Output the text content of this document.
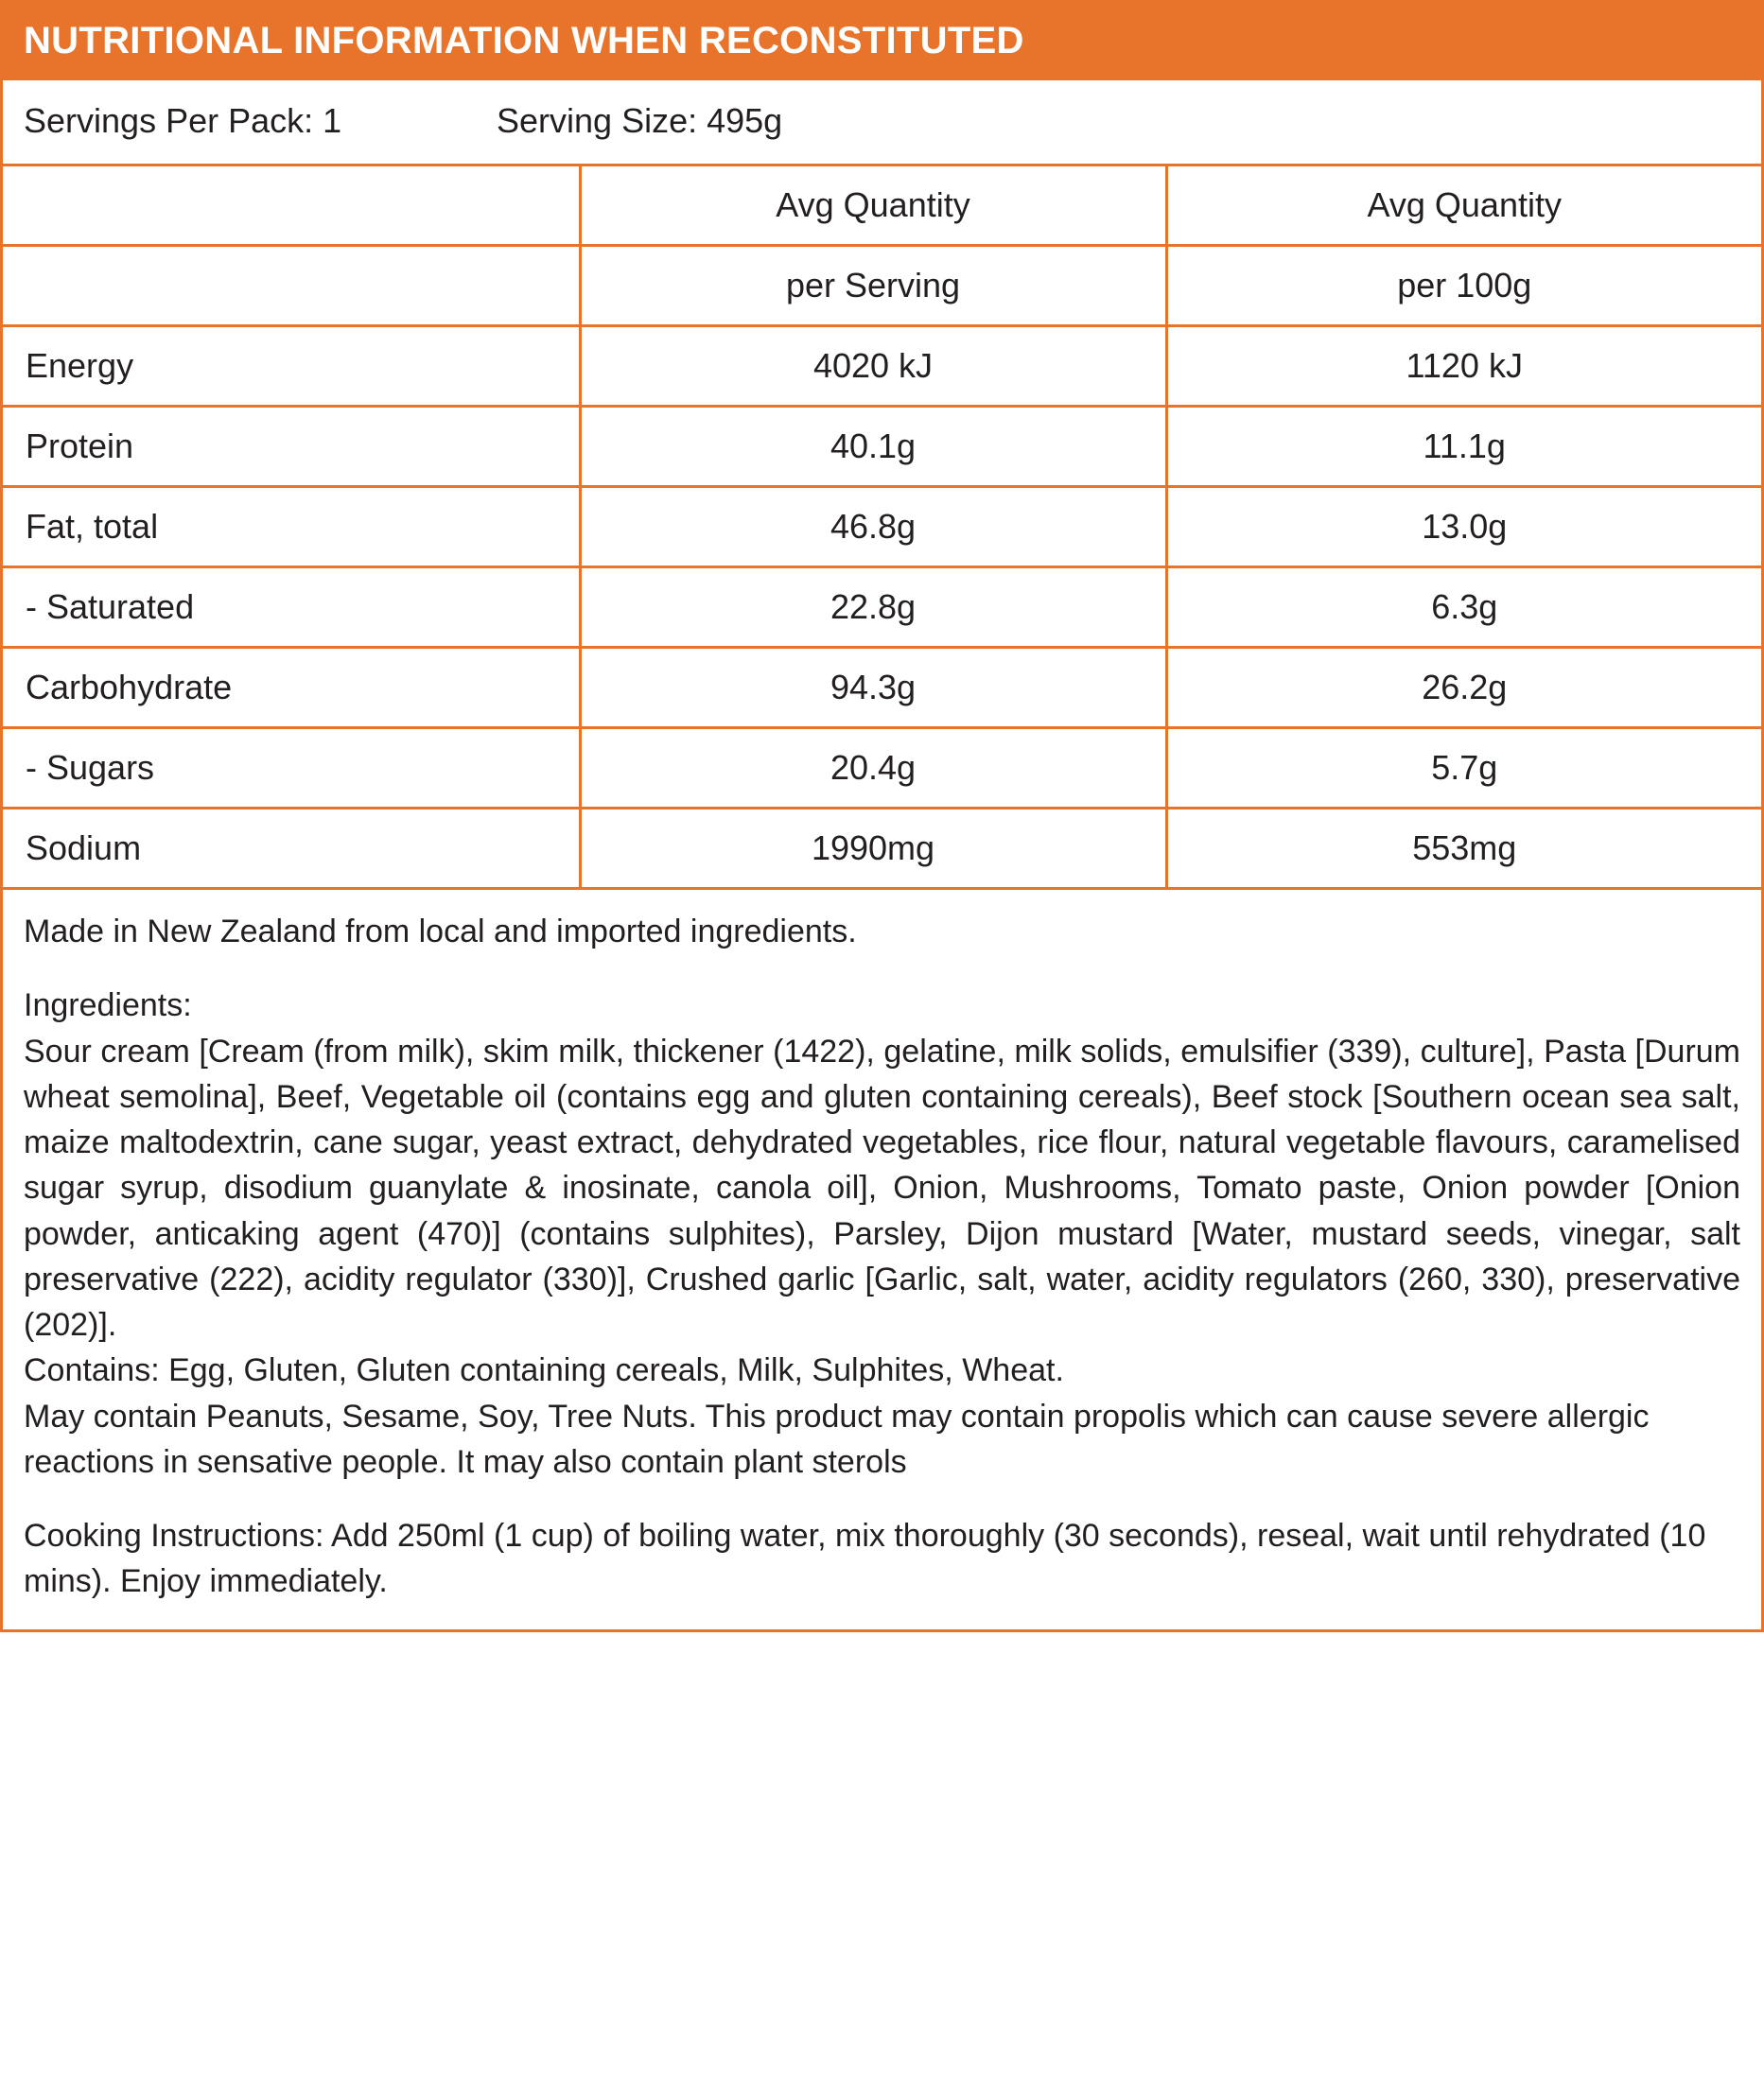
NUTRITIONAL INFORMATION WHEN RECONSTITUTED
Servings Per Pack: 1	Serving Size: 495g
	Avg Quantity	Avg Quantity
	per Serving	per 100g
Energy	4020 kJ	1120 kJ
Protein	40.1g	11.1g
Fat, total	46.8g	13.0g
- Saturated	22.8g	6.3g
Carbohydrate	94.3g	26.2g
- Sugars	20.4g	5.7g
Sodium	1990mg	553mg

Made in New Zealand from local and imported ingredients.

Ingredients:

Sour cream [Cream (from milk), skim milk, thickener (1422), gelatine, milk solids, emulsifier (339), culture], Pasta [Durum wheat semolina], Beef, Vegetable oil (contains egg and gluten containing cereals), Beef stock [Southern ocean sea salt, maize maltodextrin, cane sugar, yeast extract, dehydrated vegetables, rice flour, natural vegetable flavours, caramelised sugar syrup, disodium guanylate & inosinate, canola oil], Onion, Mushrooms, Tomato paste, Onion powder [Onion powder, anticaking agent (470)] (contains sulphites), Parsley, Dijon mustard [Water, mustard seeds, vinegar, salt preservative (222), acidity regulator (330)], Crushed garlic [Garlic, salt, water, acidity regulators (260, 330), preservative (202)].

Contains: Egg, Gluten, Gluten containing cereals, Milk, Sulphites, Wheat.

May contain Peanuts, Sesame, Soy, Tree Nuts. This product may contain propolis which can cause severe allergic reactions in sensative people. It may also contain plant sterols

Cooking Instructions: Add 250ml (1 cup) of boiling water, mix thoroughly (30 seconds), reseal, wait until rehydrated (10 mins). Enjoy immediately.
